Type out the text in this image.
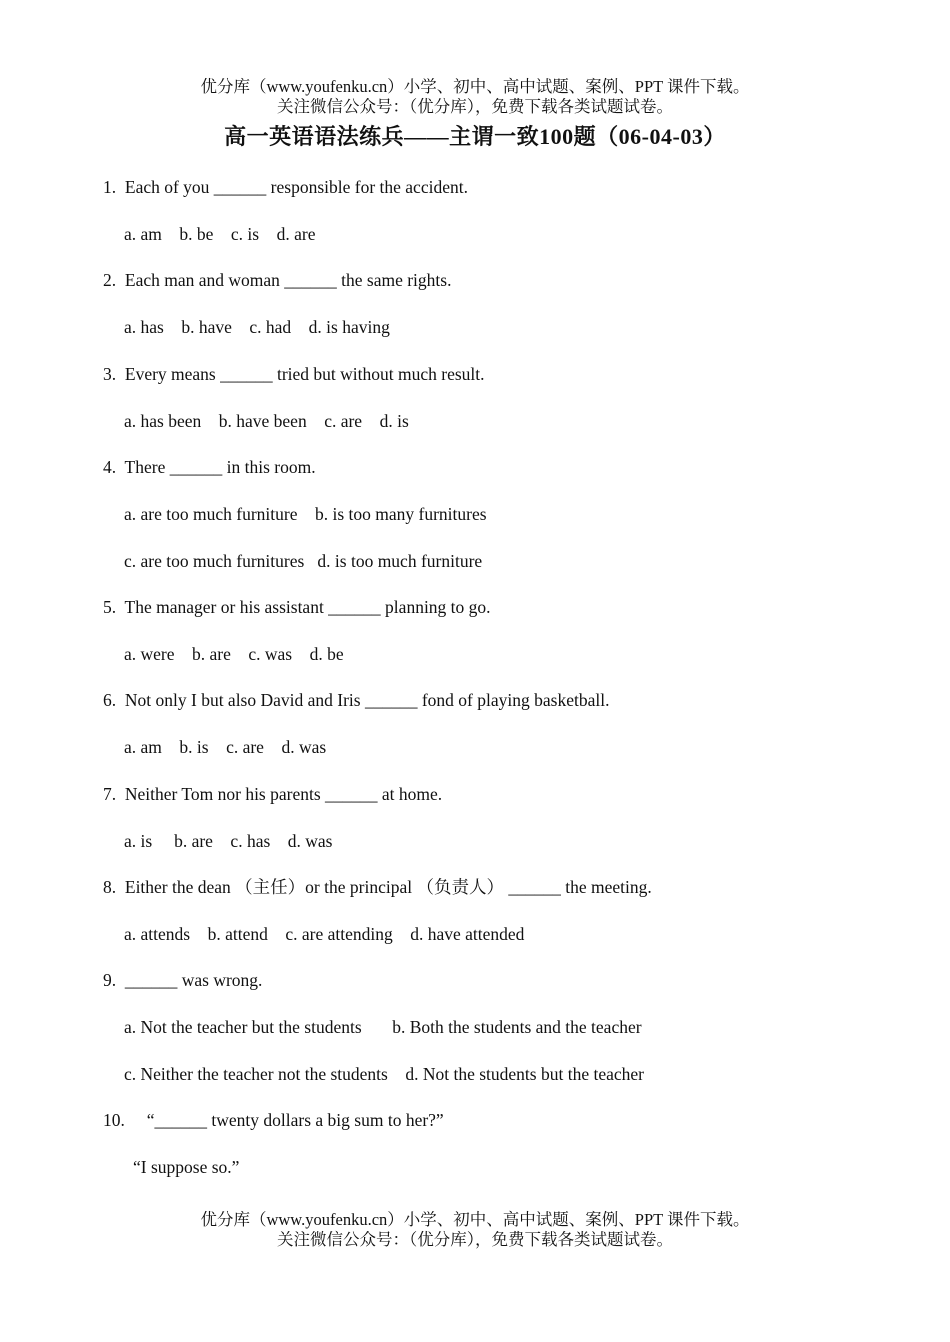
优分库（www.youfenku.cn）小学、初中、高中试题、案例、PPT 课件下载。
关注微信公众号：（优分库），免费下载各类试题试卷。
高一英语语法练兵——主谓一致100题（06-04-03）
1.  Each of you ______ responsible for the accident.
a. am    b. be    c. is    d. are
2.  Each man and woman ______ the same rights.
a. has    b. have    c. had    d. is having
3.  Every means ______ tried but without much result.
a. has been    b. have been    c. are    d. is
4.  There ______ in this room.
a. are too much furniture    b. is too many furnitures
c. are too much furnitures   d. is too much furniture
5.  The manager or his assistant ______ planning to go.
a. were    b. are    c. was    d. be
6.  Not only I but also David and Iris ______ fond of playing basketball.
a. am    b. is    c. are    d. was
7.  Neither Tom nor his parents ______ at home.
a. is     b. are    c. has    d. was
8.  Either the dean （主任）or the principal （负责人） ______ the meeting.
a. attends    b. attend    c. are attending    d. have attended
9.  ______ was wrong.
a. Not the teacher but the students       b. Both the students and the teacher
c. Neither the teacher not the students    d. Not the students but the teacher
10.     “______ twenty dollars a big sum to her?”
“I suppose so.”
优分库（www.youfenku.cn）小学、初中、高中试题、案例、PPT 课件下载。
关注微信公众号：（优分库），免费下载各类试题试卷。
